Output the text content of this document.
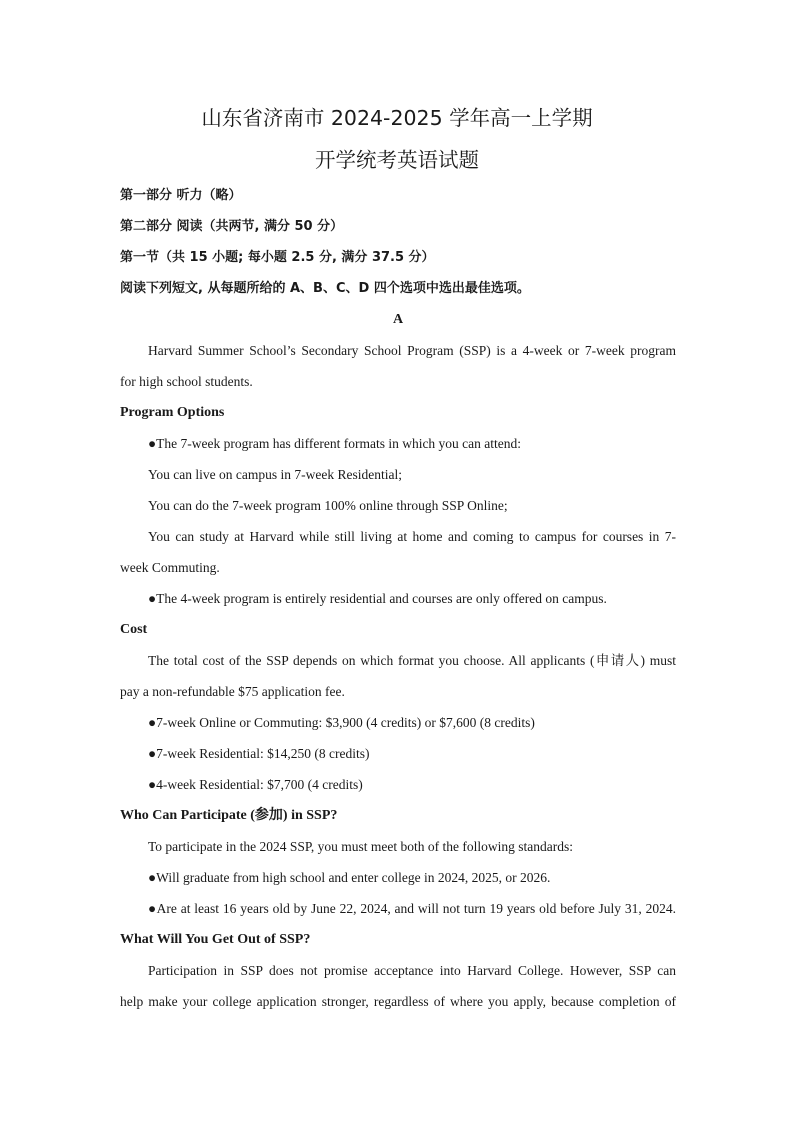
山东省济南市 2024-2025 学年高一上学期
开学统考英语试题
第一部分 听力（略）
第二部分 阅读（共两节, 满分 50 分）
第一节（共 15 小题; 每小题 2.5 分, 满分 37.5 分）
阅读下列短文, 从每题所给的 A、B、C、D 四个选项中选出最佳选项。
A
Harvard Summer School’s Secondary School Program (SSP) is a 4-week or 7-week program
for high school students.
Program Options
●The 7-week program has different formats in which you can attend:
You can live on campus in 7-week Residential;
You can do the 7-week program 100% online through SSP Online;
You can study at Harvard while still living at home and coming to campus for courses in 7-
week Commuting.
●The 4-week program is entirely residential and courses are only offered on campus.
Cost
The total cost of the SSP depends on which format you choose. All applicants (申请人) must
pay a non-refundable $75 application fee.
●7-week Online or Commuting: $3,900 (4 credits) or $7,600 (8 credits)
●7-week Residential: $14,250 (8 credits)
●4-week Residential: $7,700 (4 credits)
Who Can Participate (参加) in SSP?
To participate in the 2024 SSP, you must meet both of the following standards:
●Will graduate from high school and enter college in 2024, 2025, or 2026.
●Are at least 16 years old by June 22, 2024, and will not turn 19 years old before July 31, 2024.
What Will You Get Out of SSP?
Participation in SSP does not promise acceptance into Harvard College. However, SSP can
help make your college application stronger, regardless of where you apply, because completion of
